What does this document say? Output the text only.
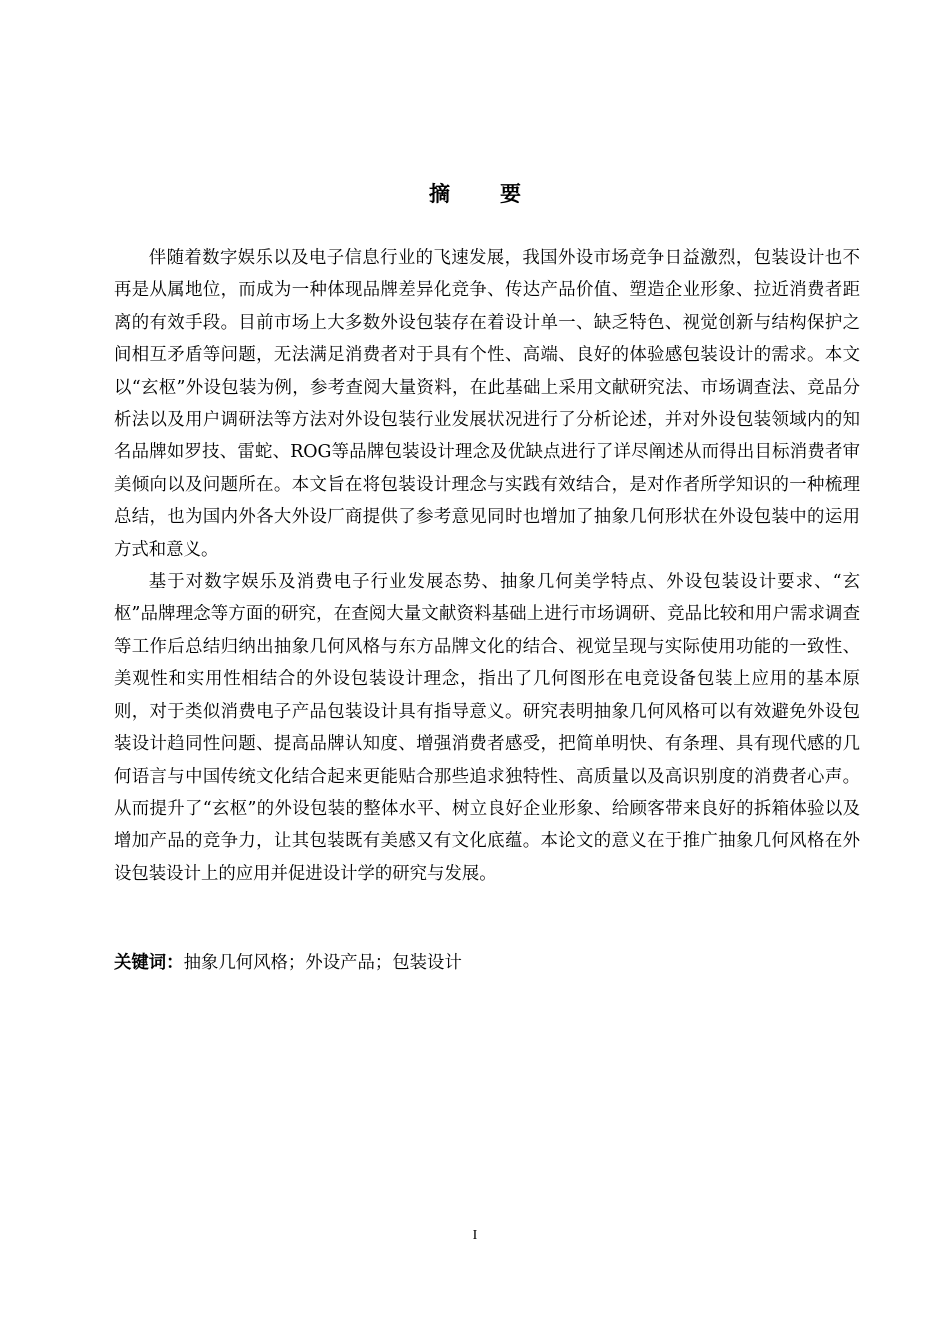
摘 要

伴随着数字娱乐以及电子信息行业的飞速发展，我国外设市场竞争日益激烈，包装设计也不再是从属地位，而成为一种体现品牌差异化竞争、传达产品价值、塑造企业形象、拉近消费者距离的有效手段。目前市场上大多数外设包装存在着设计单一、缺乏特色、视觉创新与结构保护之间相互矛盾等问题，无法满足消费者对于具有个性、高端、良好的体验感包装设计的需求。本文以“玄枢”外设包装为例，参考查阅大量资料，在此基础上采用文献研究法、市场调查法、竞品分析法以及用户调研法等方法对外设包装行业发展状况进行了分析论述，并对外设包装领域内的知名品牌如罗技、雷蛇、ROG等品牌包装设计理念及优缺点进行了详尽阐述从而得出目标消费者审美倾向以及问题所在。本文旨在将包装设计理念与实践有效结合，是对作者所学知识的一种梳理总结，也为国内外各大外设厂商提供了参考意见同时也增加了抽象几何形状在外设包装中的运用方式和意义。

基于对数字娱乐及消费电子行业发展态势、抽象几何美学特点、外设包装设计要求、“玄枢”品牌理念等方面的研究，在查阅大量文献资料基础上进行市场调研、竞品比较和用户需求调查等工作后总结归纳出抽象几何风格与东方品牌文化的结合、视觉呈现与实际使用功能的一致性、美观性和实用性相结合的外设包装设计理念，指出了几何图形在电竞设备包装上应用的基本原则，对于类似消费电子产品包装设计具有指导意义。研究表明抽象几何风格可以有效避免外设包装设计趋同性问题、提高品牌认知度、增强消费者感受，把简单明快、有条理、具有现代感的几何语言与中国传统文化结合起来更能贴合那些追求独特性、高质量以及高识别度的消费者心声。从而提升了“玄枢”的外设包装的整体水平、树立良好企业形象、给顾客带来良好的拆箱体验以及增加产品的竞争力，让其包装既有美感又有文化底蕴。本论文的意义在于推广抽象几何风格在外设包装设计上的应用并促进设计学的研究与发展。

关键词：抽象几何风格；外设产品；包装设计
I
